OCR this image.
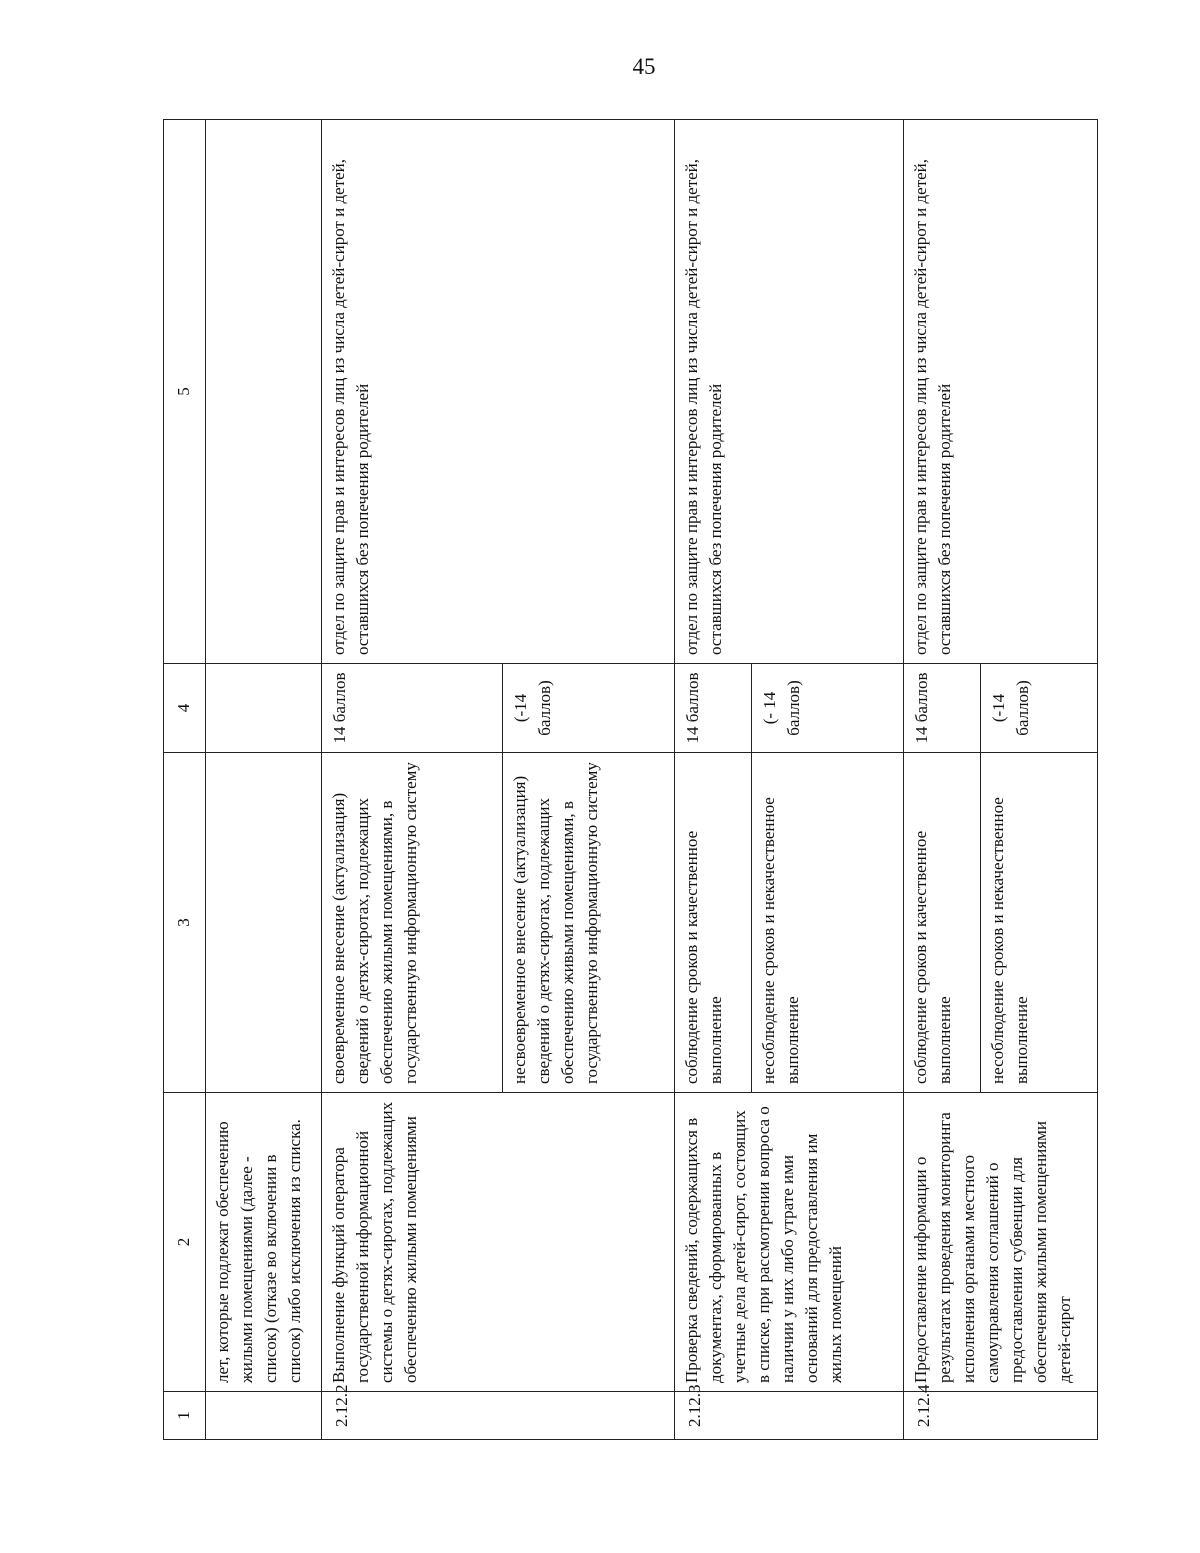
45
1	2	3	4	5
	лет, которые подлежат обеспечению жилыми помещениями (далее - список) (отказе во включении в список) либо исключения из списка.			
2.12.2	Выполнение функций оператора государственной информационной системы о детях-сиротах, подлежащих обеспечению жилыми помещениями	своевременное внесение (актуализация) сведений о детях-сиротах, подлежащих обеспечению жилыми помещениями, в государственную информационную систему	14 баллов	отдел по защите прав и интересов лиц из числа детей-сирот и детей, оставшихся без попечения родителей
		несвоевременное внесение (актуализация) сведений о детях-сиротах, подлежащих обеспечению живыми помещениями, в государственную информационную систему	(-14 баллов)	
2.12.3	Проверка сведений, содержащихся в документах, сформированных в учетные дела детей-сирот, состоящих в списке, при рассмотрении вопроса о наличии у них либо утрате ими оснований для предоставления им жилых помещений	соблюдение сроков и качественное выполнение	14 баллов	отдел по защите прав и интересов лиц из числа детей-сирот и детей, оставшихся без попечения родителей
		несоблюдение сроков и некачественное выполнение	(- 14 баллов)	
2.12.4	Предоставление информации о результатах проведения мониторинга исполнения органами местного самоуправления соглашений о предоставлении субвенции для обеспечения жилыми помещениями детей-сирот	соблюдение сроков и качественное выполнение	14 баллов	отдел по защите прав и интересов лиц из числа детей-сирот и детей, оставшихся без попечения родителей
		несоблюдение сроков и некачественное выполнение	(-14 баллов)	
